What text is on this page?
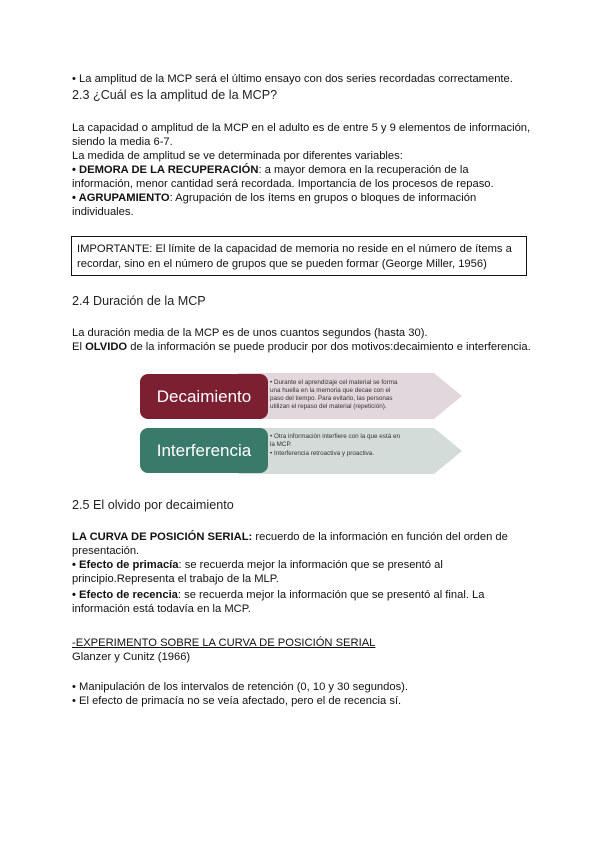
• La amplitud de la MCP será el último ensayo con dos series recordadas correctamente.
2.3 ¿Cuál es la amplitud de la MCP?
La capacidad o amplitud de la MCP en el adulto es de entre 5 y 9 elementos de información,
siendo la media 6-7.
La medida de amplitud se ve determinada por diferentes variables:
• DEMORA DE LA RECUPERACIÓN: a mayor demora en la recuperación de la
información, menor cantidad será recordada. Importancia de los procesos de repaso.
• AGRUPAMIENTO: Agrupación de los ítems en grupos o bloques de información
individuales.
IMPORTANTE: El límite de la capacidad de memoria no reside en el número de ítems a
recordar, sino en el número de grupos que se pueden formar (George Miller, 1956)
2.4 Duración de la MCP
La duración media de la MCP es de unos cuantos segundos (hasta 30).
El OLVIDO de la información se puede producir por dos motivos:decaimiento e interferencia.
Decaimiento
Interferencia
• Durante el aprendizaje cel material se forma
una huella en la memoria que decae con el
paso del tiempo. Para evitarlo, las personas
utilizan el repaso del material (repetición).
• Otra información interfiere con la que está en
la MCP.
• Interferencia retroactiva y proactiva.
2.5 El olvido por decaimiento
LA CURVA DE POSICIÓN SERIAL: recuerdo de la información en función del orden de
presentación.
• Efecto de primacía: se recuerda mejor la información que se presentó al
principio.Representa el trabajo de la MLP.
• Efecto de recencia: se recuerda mejor la información que se presentó al final. La
información está todavía en la MCP.
-EXPERIMENTO SOBRE LA CURVA DE POSICIÓN SERIAL
Glanzer y Cunitz (1966)
• Manipulación de los intervalos de retención (0, 10 y 30 segundos).
• El efecto de primacía no se veía afectado, pero el de recencia sí.
